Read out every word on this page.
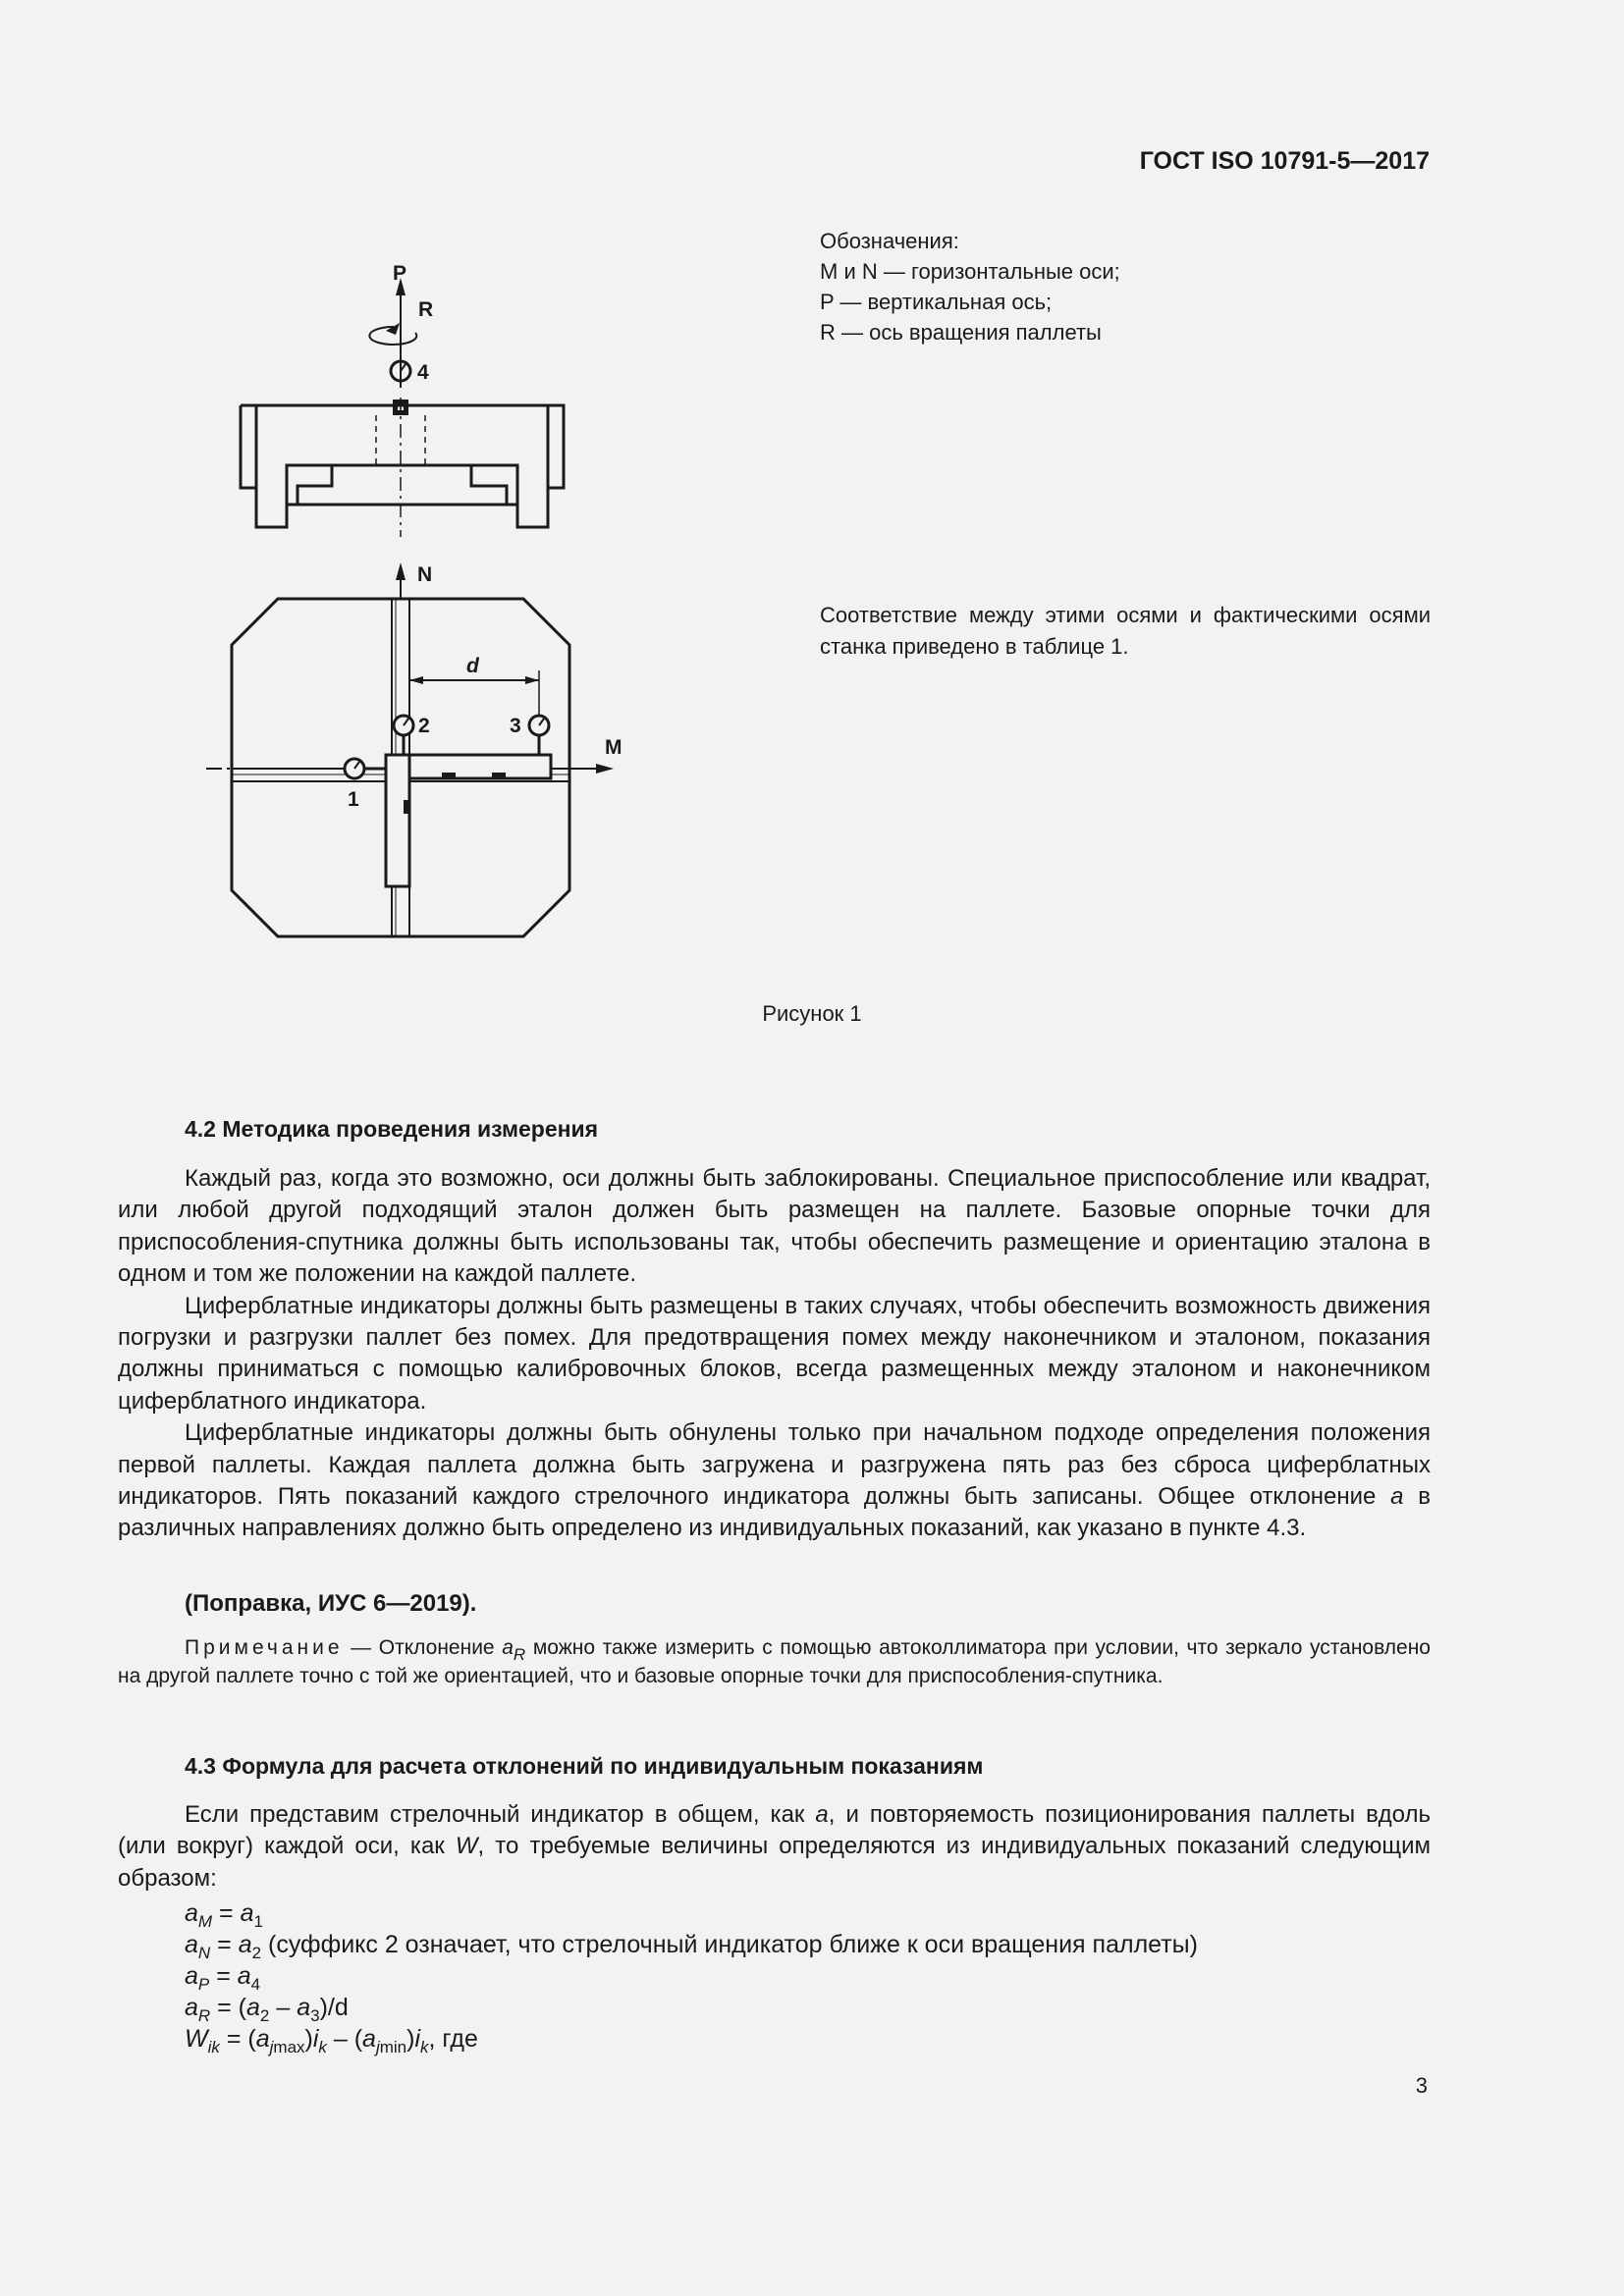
ГОСТ ISO 10791-5—2017
Обозначения:
M и N — горизонтальные оси;
P — вертикальная ось;
R — ось вращения паллеты
Соответствие между этими осями и фактическими осями станка приведено в таблице 1.
P
R
4
N
d
2	3
M
1
Рисунок 1
4.2 Методика проведения измерения

Каждый раз, когда это возможно, оси должны быть заблокированы. Специальное приспособление или квадрат, или любой другой подходящий эталон должен быть размещен на паллете. Базовые опорные точки для приспособления-спутника должны быть использованы так, чтобы обеспечить размещение и ориентацию эталона в одном и том же положении на каждой паллете.

Циферблатные индикаторы должны быть размещены в таких случаях, чтобы обеспечить возможность движения погрузки и разгрузки паллет без помех. Для предотвращения помех между наконечником и эталоном, показания должны приниматься с помощью калибровочных блоков, всегда размещенных между эталоном и наконечником циферблатного индикатора.

Циферблатные индикаторы должны быть обнулены только при начальном подходе определения положения первой паллеты. Каждая паллета должна быть загружена и разгружена пять раз без сброса циферблатных индикаторов. Пять показаний каждого стрелочного индикатора должны быть записаны. Общее отклонение a в различных направлениях должно быть определено из индивидуальных показаний, как указано в пункте 4.3.

(Поправка, ИУС 6—2019).
Примечание — Отклонение $a_R$ можно также измерить с помощью автоколлиматора при условии, что зеркало установлено на другой паллете точно с той же ориентацией, что и базовые опорные точки для приспособления-спутника.
4.3 Формула для расчета отклонений по индивидуальным показаниям

Если представим стрелочный индикатор в общем, как a, и повторяемость позиционирования паллеты вдоль (или вокруг) каждой оси, как W, то требуемые величины определяются из индивидуальных показаний следующим образом:

$a_M = a_1$
$a_N = a_2$ (суффикс 2 означает, что стрелочный индикатор ближе к оси вращения паллеты)
$a_P = a_4$
$a_R = (a_2 - a_3)/d$
$W_{ik} = (a_{jmax})i_k - (a_{jmin})i_k$, где
3
